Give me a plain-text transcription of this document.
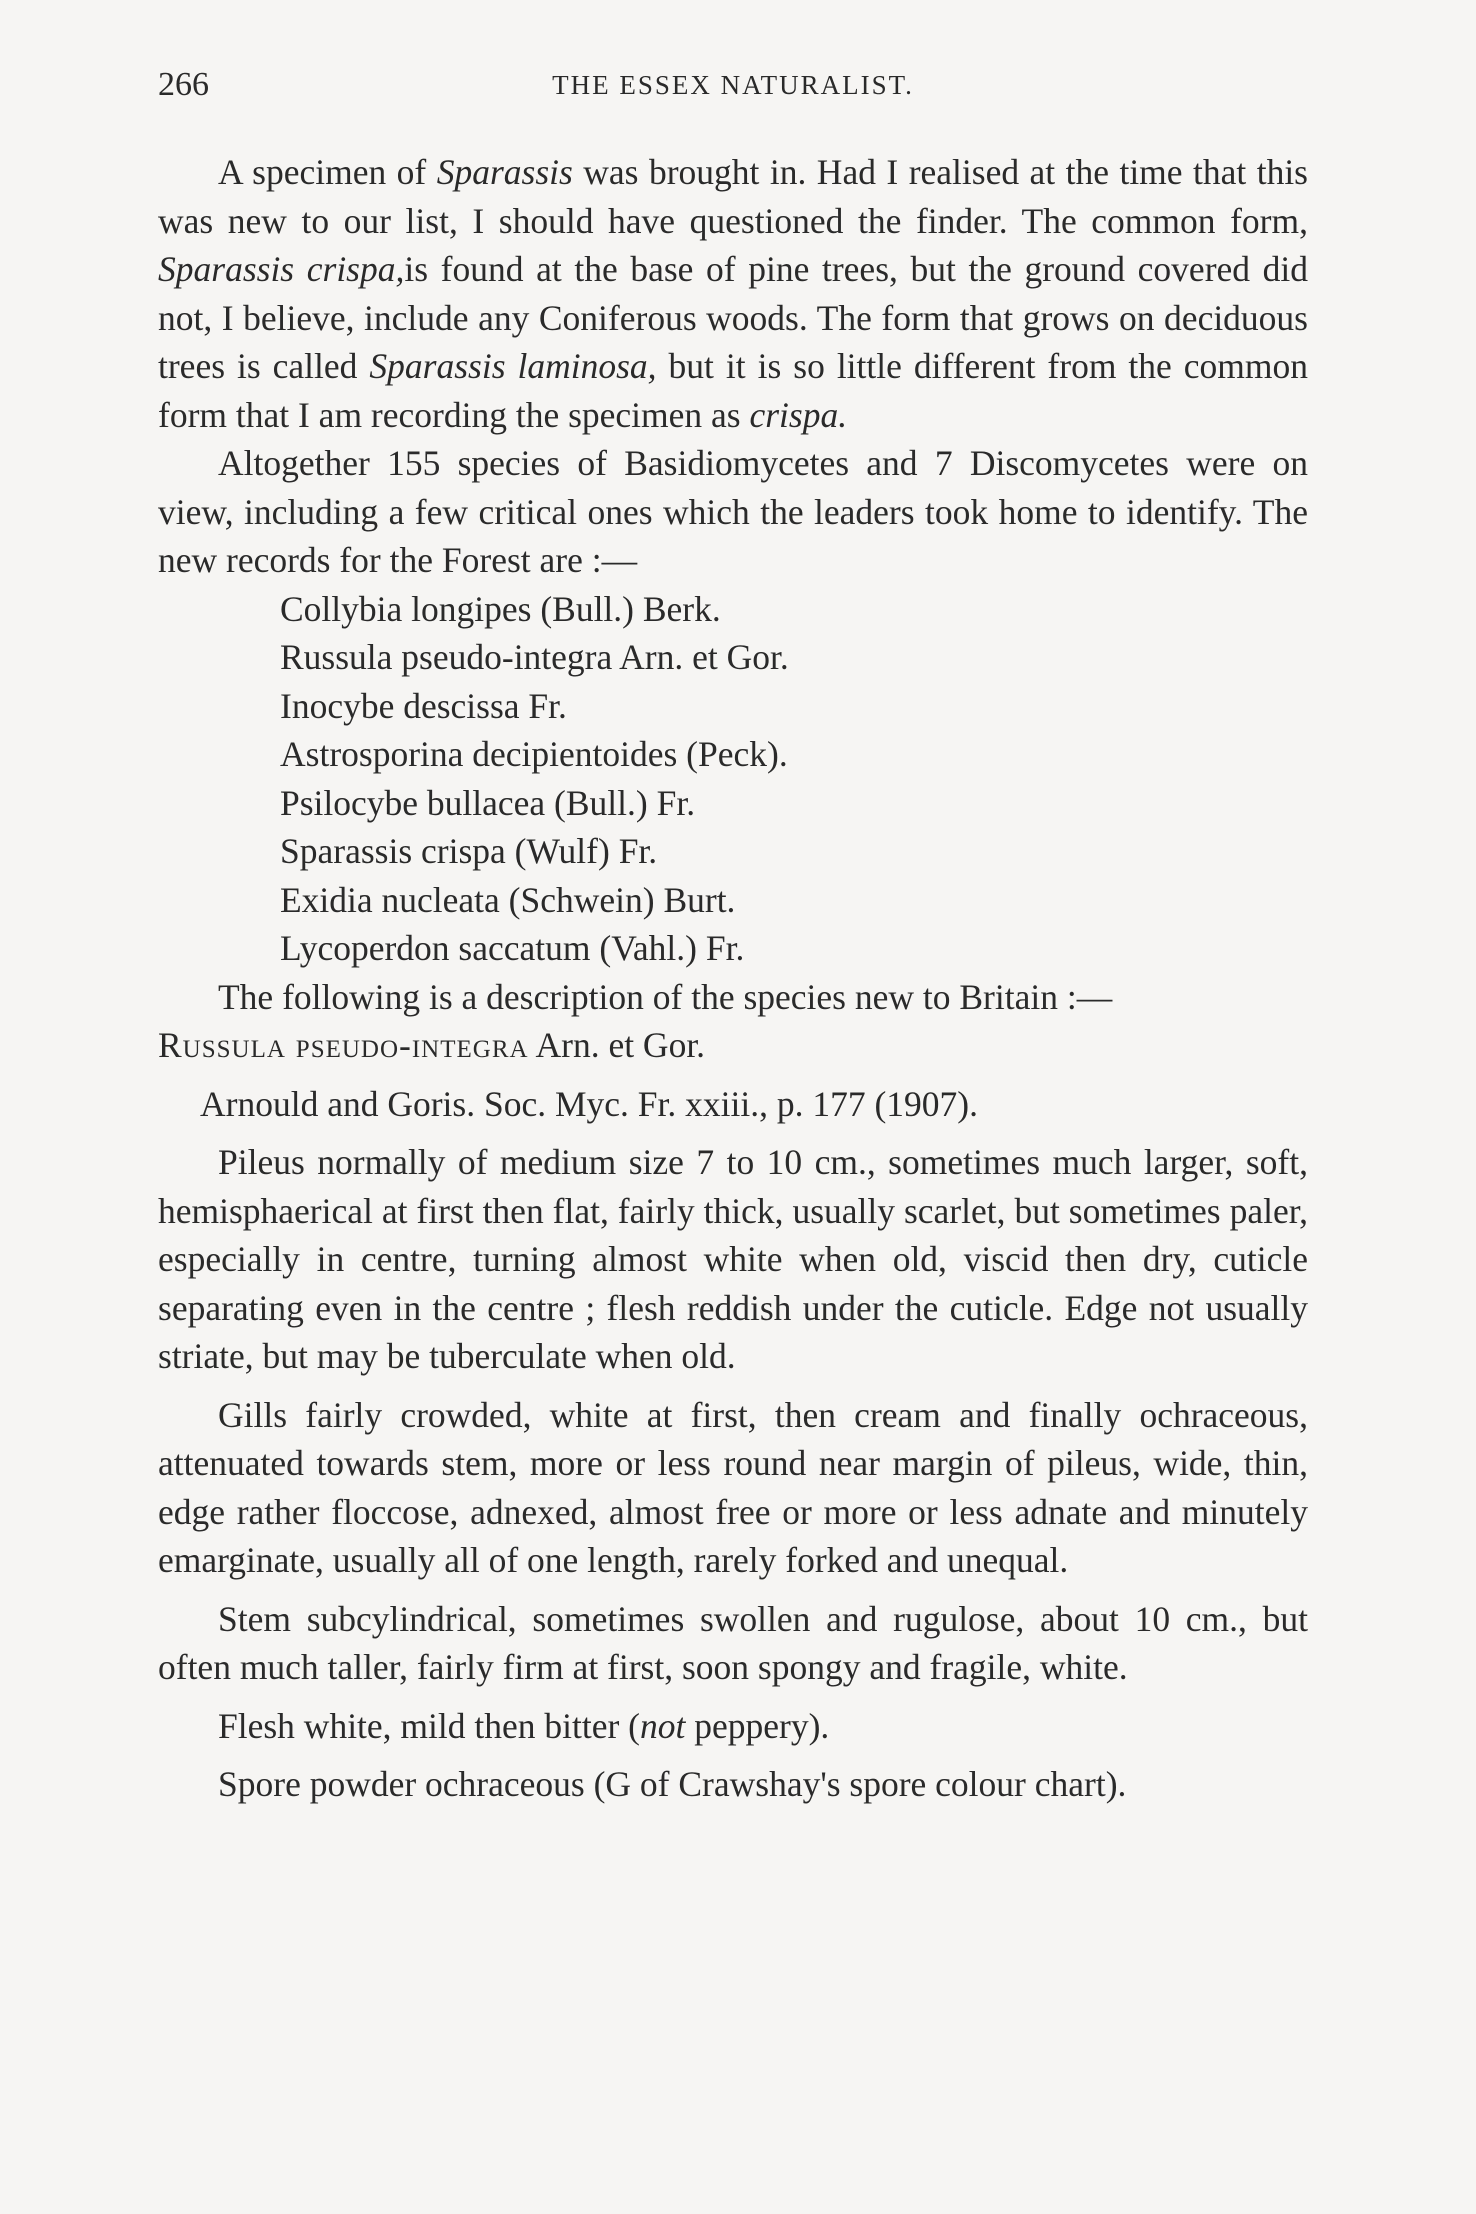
266	THE ESSEX NATURALIST.

A specimen of Sparassis was brought in. Had I realised at the time that this was new to our list, I should have questioned the finder. The common form, Sparassis crispa,is found at the base of pine trees, but the ground covered did not, I believe, include any Coniferous woods. The form that grows on deciduous trees is called Sparassis laminosa, but it is so little different from the common form that I am recording the specimen as crispa.

Altogether 155 species of Basidiomycetes and 7 Discomycetes were on view, including a few critical ones which the leaders took home to identify. The new records for the Forest are :—

Collybia longipes (Bull.) Berk.
Russula pseudo-integra Arn. et Gor.
Inocybe descissa Fr.
Astrosporina decipientoides (Peck).
Psilocybe bullacea (Bull.) Fr.
Sparassis crispa (Wulf) Fr.
Exidia nucleata (Schwein) Burt.
Lycoperdon saccatum (Vahl.) Fr.

The following is a description of the species new to Britain :—

Russula pseudo-integra Arn. et Gor.

Arnould and Goris. Soc. Myc. Fr. xxiii., p. 177 (1907).

Pileus normally of medium size 7 to 10 cm., sometimes much larger, soft, hemisphaerical at first then flat, fairly thick, usually scarlet, but sometimes paler, especially in centre, turning almost white when old, viscid then dry, cuticle separating even in the centre ; flesh reddish under the cuticle. Edge not usually striate, but may be tuberculate when old.

Gills fairly crowded, white at first, then cream and finally ochraceous, attenuated towards stem, more or less round near margin of pileus, wide, thin, edge rather floccose, adnexed, almost free or more or less adnate and minutely emarginate, usually all of one length, rarely forked and unequal.

Stem subcylindrical, sometimes swollen and rugulose, about 10 cm., but often much taller, fairly firm at first, soon spongy and fragile, white.

Flesh white, mild then bitter (not peppery).

Spore powder ochraceous (G of Crawshay's spore colour chart).
